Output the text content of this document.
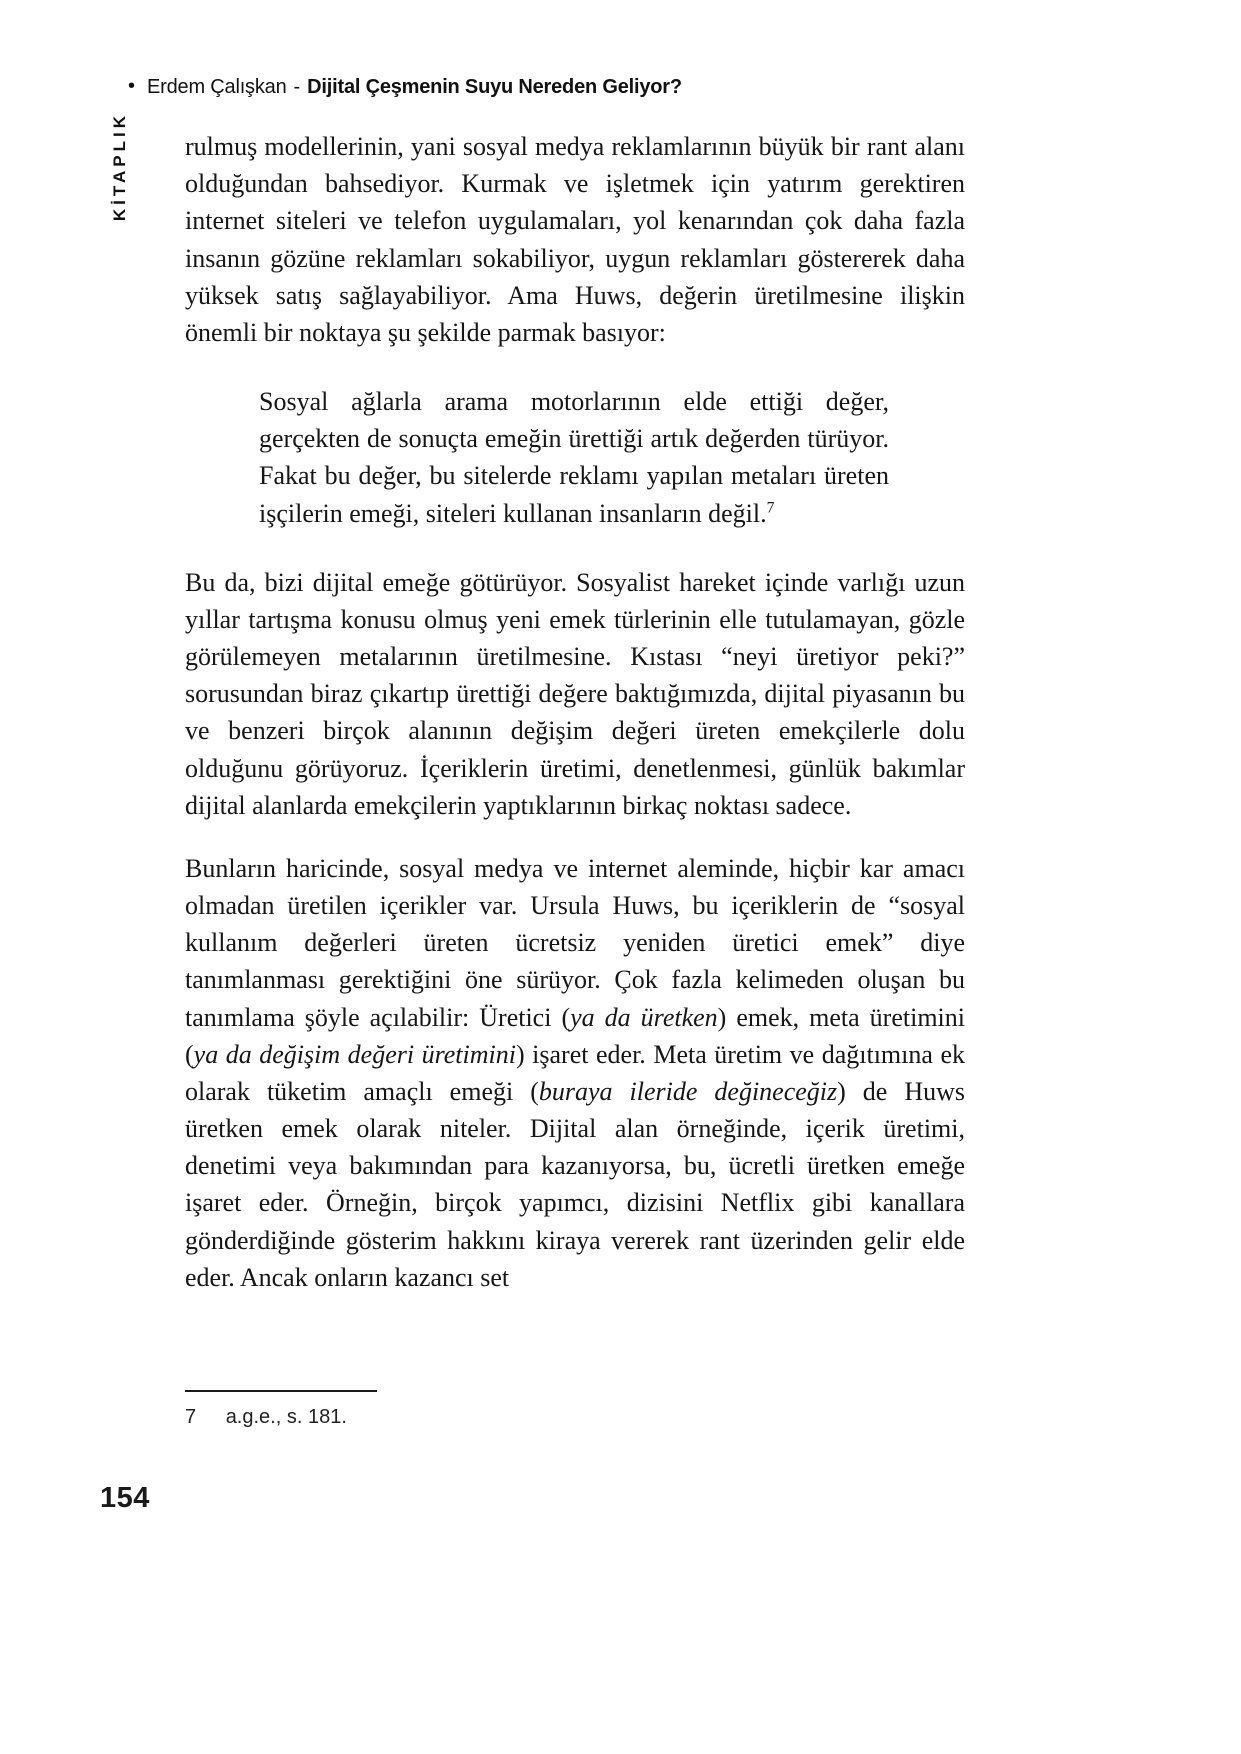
• Erdem Çalışkan - Dijital Çeşmenin Suyu Nereden Geliyor?
KİTAPLIK rulmuş modellerinin, yani sosyal medya reklamlarının büyük bir rant alanı olduğundan bahsediyor. Kurmak ve işletmek için yatırım gerektiren internet siteleri ve telefon uygulamaları, yol kenarından çok daha fazla insanın gözüne reklamları sokabiliyor, uygun reklamları göstererek daha yüksek satış sağlayabiliyor. Ama Huws, değerin üretilmesine ilişkin önemli bir noktaya şu şekilde parmak basıyor:

Sosyal ağlarla arama motorlarının elde ettiği değer, gerçekten de sonuçta emeğin ürettiği artık değerden türüyor. Fakat bu değer, bu sitelerde reklamı yapılan metaları üreten işçilerin emeği, siteleri kullanan insanların değil.$^7$

Bu da, bizi dijital emeğe götürüyor. Sosyalist hareket içinde varlığı uzun yıllar tartışma konusu olmuş yeni emek türlerinin elle tutulamayan, gözle görülemeyen metalarının üretilmesine. Kıstası “neyi üretiyor peki?” sorusundan biraz çıkartıp ürettiği değere baktığımızda, dijital piyasanın bu ve benzeri birçok alanının değişim değeri üreten emekçilerle dolu olduğunu görüyoruz. İçeriklerin üretimi, denetlenmesi, günlük bakımlar dijital alanlarda emekçilerin yaptıklarının birkaç noktası sadece.

Bunların haricinde, sosyal medya ve internet aleminde, hiçbir kar amacı olmadan üretilen içerikler var. Ursula Huws, bu içeriklerin de “sosyal kullanım değerleri üreten ücretsiz yeniden üretici emek” diye tanımlanması gerektiğini öne sürüyor. Çok fazla kelimeden oluşan bu tanımlama şöyle açılabilir: Üretici (ya da üretken) emek, meta üretimini (ya da değişim değeri üretimini) işaret eder. Meta üretim ve dağıtımına ek olarak tüketim amaçlı emeği (buraya ileride değineceğiz) de Huws üretken emek olarak niteler. Dijital alan örneğinde, içerik üretimi, denetimi veya bakımından para kazanıyorsa, bu, ücretli üretken emeğe işaret eder. Örneğin, birçok yapımcı, dizisini Netflix gibi kanallara gönderdiğinde gösterim hakkını kiraya vererek rant üzerinden gelir elde eder. Ancak onların kazancı set

7 a.g.e., s. 181.
154
